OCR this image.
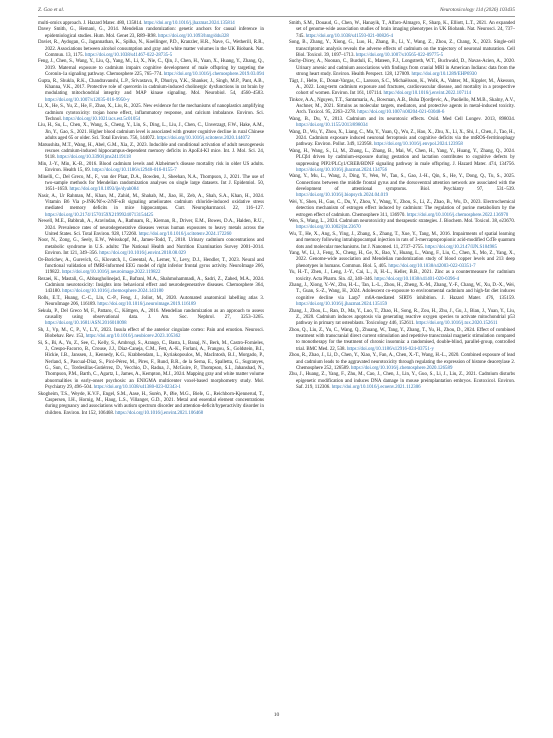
Z. Gao et al.	Neurotoxicology 114 (2026) 103435

multi-omics approach. J. Hazard Mater. 480, 135814. https://doi.org/10.1016/j.jhazmat.2024.135814

Davey Smith, G., Hemani, G., 2014. Mendelian randomization: genetic anchors for causal inference in epidemiological studies. Hum. Mol. Genet 23, R89–R98. https://doi.org/10.1093/hmg/ddu328

Daviet, R., Aydogan, G., Jagannathan, K., Spilka, N., Koellinger, P.D., Kranzler, H.R., Nave, G., Wetherill, R.R., 2022. Associations between alcohol consumption and gray and white matter volumes in the UK Biobank. Nat. Commun. 13, 1175. https://doi.org/10.1038/s41467-022-28735-5

Feng, J., Chen, S., Wang, Y., Liu, Q., Yang, M., Li, X., Nie, C., Qin, J., Chen, H., Yuan, X., Huang, Y., Zhang, Q., 2019. Maternal exposure to cadmium impairs cognitive development of male offspring by targeting the Coronin-1a signaling pathway. Chemosphere 225, 765–774. https://doi.org/10.1016/j.chemosphere.2019.03.094

Gupta, R., Shukla, R.K., Chandravanshi, L.P., Srivastava, P., Dhuriya, Y.K., Shanker, J., Singh, M.P., Pant, A.B., Khanna, V.K., 2017. Protective role of quercetin in cadmium-induced cholinergic dysfunctions in rat brain by modulating mitochondrial integrity and MAP kinase signaling. Mol. Neurobiol. 54, 4560–4583. https://doi.org/10.1007/s12035-016-9950-y

Li, X., He, S., Yu, Z., He, F., Zhao, X., Liu, R., 2025. New evidence for the mechanisms of nanoplastics amplifying cadmium cytotoxicity: trojan horse effect, inflammatory response, and calcium imbalance. Environ. Sci. Technol. https://doi.org/10.1021/acs.est.5c01054

Liu, H., Su, L., Chen, X., Wang, S., Cheng, Y., Lin, S., Ding, L., Liu, J., Chen, C., Unverzagt, F.W., Hake, A.M., Jin, Y., Gao, S., 2021. Higher blood cadmium level is associated with greater cognitive decline in rural Chinese adults aged 65 or older. Sci. Total Environ. 756, 144072. https://doi.org/10.1016/j.scitotenv.2020.144072

Matsushita, M.T., Wang, H., Abel, G.M., Xia, Z., 2023. Inducible and conditional activation of adult neurogenesis rescues cadmium-induced hippocampus-dependent memory deficits in ApoE4-KI mice. Int. J. Mol. Sci. 24, 9118. https://doi.org/10.3390/ijms24119118

Min, J.-Y., Min, K.-B., 2016. Blood cadmium levels and Alzheimer's disease mortality risk in older US adults. Environ. Health 15, 69. https://doi.org/10.1186/s12940-016-0155-7

Minelli, C., Del Greco, M., F., van der Plaat, D.A., Bowden, J., Sheehan, N.A., Thompson, J., 2021. The use of two-sample methods for Mendelian randomization analyses on single large datasets. Int J. Epidemiol. 50, 1651–1659. https://doi.org/10.1093/ije/dyab084

Nasir, A., Ur Rahman, M., Khan, M., Zahid, M., Shahab, M., Jiao, H., Zeb, A., Shah, S.A., Khan, H., 2024. Vitamin B6 Via p-JNK/Nf-κ-2/NF-κB signaling ameliorates cadmium chloride-induced oxidative stress mediated memory deficits in mice hippocampus. Curr. Neuropharmacol. 22, 116–127. https://doi.org/10.2174/1570159X21999240713154425

Newell, M.E., Babbrah, A., Aravindan, A., Rathnam, R., Kiernan, R., Driver, E.M., Bowes, D.A., Halden, R.U., 2024. Prevalence rates of neurodegenerative diseases versus human exposures to heavy metals across the United States. Sci. Total Environ. 928, 172260. https://doi.org/10.1016/j.scitotenv.2024.172260

Noor, N., Zong, G., Seely, E.W., Weisskopf, M., James-Todd, T., 2018. Urinary cadmium concentrations and metabolic syndrome in U.S. adults: The National Health and Nutrition Examination Survey 2001–2014. Environ. Int 121, 349–356. https://doi.org/10.1016/j.envint.2018.08.029

Or-Borichev, A., Gurevich, G., Klovatch, I., Greental, A., Lerner, Y., Levy, D.J., Hendler, T., 2023. Neural and functional validation of fMRI-informed EEG model of right inferior frontal gyrus activity. NeuroImage 266, 119822. https://doi.org/10.1016/j.neuroimage.2022.119822

Rezaei, K., Mastali, G., Abbasgholinejad, E., Bafrani, M.A., Shahmohammadi, A., Sadri, Z., Zahed, M.A., 2024. Cadmium neurotoxicity: Insights into behavioral effect and neurodegenerative diseases. Chemosphere 364, 143180. https://doi.org/10.1016/j.chemosphere.2024.143180

Rolls, E.T., Huang, C.-C., Lin, C.-P., Feng, J., Joliot, M., 2020. Automated anatomical labelling atlas 3. NeuroImage 206, 116189. https://doi.org/10.1016/j.neuroimage.2019.116189

Sekula, P., Del Greco M, F., Pattaro, C., Köttgen, A., 2016. Mendelian randomization as an approach to assess causality using observational data. J. Am. Soc. Nephrol. 27, 3253–3265. https://doi.org/10.1681/ASN.2016010098

Sh, J., Vp, M., C, P., V., L.Y., 2023. Insula effect of the anterior cingulate cortex: Pain and emotion. Neurosci. Biobehav. Rev. 153, https://doi.org/10.1016/j.neubiorev.2023.105362

Si, S., Bi, A., Yu, Z., See, C., Kelly, S., Ambrogi, S., Arango, C., Basta, I., Banaj, N., Berk, M., Castro-Fornieles, J., Crespo-Facorro, B., Crouse, J.J., Díaz-Caneja, C.M., Fett, A.-K., Forlani, A., Frangou, S., Goldstein, B.I., Hickie, I.B., Janssen, J., Kennedy, K.G., Krabbendam, L., Kyriakopoulos, M., MacIntosh, B.J., Morgado, P., Nerland, S., Pascual-Díaz, S., Picó-Pérez, M., Pires, F., Rund, B.R., de la Serna, E., Spalletta, G., Sugranyes, G., Sun, C., Tordesillas-Gutiérrez, D., Vecchio, D., Radua, J., McGuire, P., Thompson, S.I., Jahanshad, N., Thompson, P.M., Barth, C., Agartz, I., James, A., Kempton, M.J., 2024. Mapping gray and white matter volume abnormalities in early-onset psychosis: an ENIGMA multicenter voxel-based morphometry study. Mol. Psychiatry 29, 496–504. https://doi.org/10.1038/s41380-023-02343-1

Skogheim, T.S., Weyde, K.V.F., Engel, S.M., Aase, H., Surén, P., Øie, M.G., Biele, G., Reichborn-Kjennerud, T., Caspersen, I.H., Hornig, M., Haug, L.S., Villanger, G.D., 2021. Metal and essential element concentrations during pregnancy and associations with autism spectrum disorder and attention-deficit/hyperactivity disorder in children. Environ. Int 152, 106468. https://doi.org/10.1016/j.envint.2021.106468

Smith, S.M., Douaud, G., Chen, W., Hanayik, T., Alfaro-Almagro, F., Sharp, K., Elliott, L.T., 2021. An expanded set of genome-wide association studies of brain imaging phenotypes in UK Biobank. Nat. Neurosci. 24, 737–745. https://doi.org/10.1038/s41593-021-00826-4

Song, B., Zhang, Y., Xiong, G., Luo, H., Zhang, B., Li, Y., Wang, Z., Zhou, Z., Chang, X., 2023. Single-cell transcriptomic analysis reveals the adverse effects of cadmium on the trajectory of neuronal maturation. Cell Biol. Toxicol. 39, 1697–1713. https://doi.org/10.1007/s10565-022-09775-5

Suchy-Dicey, A., Noonan, C., Burduli, E., Mateen, F.J., Longstreth, W.T., Buchwald, D., Navas-Acien, A., 2020. Urinary arsenic and cadmium associations with findings from cranial MRI in American Indians: data from the strong heart study. Environ. Health Perspect. 128, 127009. https://doi.org/10.1289/EHP6930

Tägt, J., Helte, E., Donat-Vargas, C., Larsson, S.C., Michaëlsson, K., Wolk, A., Vahter, M., Kippler, M., Åkesson, A., 2022. Long-term cadmium exposure and fractures, cardiovascular disease, and mortality in a prospective cohort of women. Environ. Int 161, 107114. https://doi.org/10.1016/j.envint.2022.107114

Tinkov, A.A., Nguyen, T.T., Santamaria, A., Bowman, A.B., Buha Djordjevic, A., Paoliello, M.M.B., Skalny, A.V., Aschner, M., 2021. Sirtuins as molecular targets, mediators, and protective agents in metal-induced toxicity. Arch. Toxicol. 95, 2263–2278. https://doi.org/10.1007/s00204-021-03048-6

Wang, B., Du, Y., 2013. Cadmium and its neurotoxic effects. Oxid. Med Cell Longev. 2013, 898034. https://doi.org/10.1155/2013/898034

Wang, D., Wu, Y., Zhou, X., Liang, C., Ma, Y., Yuan, Q., Wu, Z., Hao, X., Zhu, X., Li, X., Shi, J., Chen, J., Tao, H., 2024. Cadmium exposure induced neuronal ferroptosis and cognitive deficits via the mtROS-ferritinophagy pathway. Environ. Pollut. 349, 123958. https://doi.org/10.1016/j.envpol.2024.123958

Wang, H., Wang, S., Li, M., Zhang, L., Zhang, B., Mai, W., Chen, H., Yang, Y., Huang, Y., Zhang, Q., 2024. PLCβ4 driven by cadmium-exposure during gestation and lactation contributes to cognitive defects by suppressing PIP2/PLCγ1/CREB/BDNF signaling pathway in male offspring. J. Hazard Mater. 474, 134756. https://doi.org/10.1016/j.jhazmat.2024.134756

Wang, Y., Mu, L., Wang, J., Ding, Y., Wen, W., Tan, S., Gao, J.-H., Qin, S., He, Y., Dong, Q., Tu, S., 2025. Connections between the middle frontal gyrus and the dorsoventral attention network are associated with the development of attentional symptoms. Biol. Psychiatry 97, 531–539. https://doi.org/10.1016/j.biopsych.2024.04.019

Wei, Y., Shen, H., Gao, C., Du, Y., Zhou, Y., Wang, Y., Zhou, S., Li, Z., Zhao, B., Wu, D., 2023. Electrochemical detection mechanism of estrogen effect induced by cadmium: The regulation of purine metabolism by the estrogen effect of cadmium. Chemosphere 311, 136970. https://doi.org/10.1016/j.chemosphere.2022.136970

Wen, S., Wang, L., 2024. Cadmium neurotoxicity and therapeutic strategies. J. Biochem. Mol. Toxicol. 38, e23670. https://doi.org/10.1002/jbt.23670

Wu, T., He, X., Ang, S., Ying, J., Zhang, S., Zhang, T., Xue, Y., Tang, M., 2016. Impairments of spatial learning and memory following intrahippocampal injection in rats of 3-mercaptopropionic acid-modified CdTe quantum dots and molecular mechanisms. Int J. Nanomed. 11, 2737–2755. https://doi.org/10.2147/IJN.S104985

Yang, W., Li, J., Feng, X., Cheng, H., Ge, X., Bao, Y., Huang, L., Wang, F., Liu, C., Chen, X., Mo, Z., Yang, X., 2022. Genome-wide association and Mendelian randomization study of blood copper levels and 213 deep phenotypes in humans. Commun. Biol. 5, 405. https://doi.org/10.1038/s42003-022-03351-7

Yu, H.-T., Zhen, J., Leng, J.-Y., Cai, L., Ji, H.-L., Keller, B.B., 2021. Zinc as a countermeasure for cadmium toxicity. Acta Pharm. Sin. 42, 340–346. https://doi.org/10.1038/s41401-020-0396-4

Zhang, J., Xiong, Y.-W., Zhu, H.-L., Tan, L.-L., Zhou, H., Zheng, X.-M., Zhang, Y.-F., Chang, W., Xu, D.-X., Wei, T., Guan, S.-Z., Wang, H., 2024. Adolescent co-exposure to environmental cadmium and high-fat diet induces cognitive decline via Larp7 m6A-mediated SIRT6 inhibition. J. Hazard Mater. 476, 135159. https://doi.org/10.1016/j.jhazmat.2024.135159

Zhang, J., Zhou, L., Ran, D., Ma, Y., Luo, T., Zhao, H., Song, R., Zou, H., Zhu, J., Gu, J., Bian, J., Yuan, Y., Liu, Z., 2020. Cadmium induces apoptosis via generating reactive oxygen species to activate mitochondrial p53 pathway in primary rat osteoblasts. Toxicology 446, 152611. https://doi.org/10.1016/j.tox.2020.152611

Zhou, Q., Liu, Z., Yu, C., Wang, Q., Zhuang, W., Tang, Y., Zhang, T., Yu, H., Zhou, D., 2024. Effect of combined treatment with transcranial direct current stimulation and repetitive transcranial magnetic stimulation compared to monotherapy for the treatment of chronic insomnia: a randomised, double-blind, parallel-group, controlled trial. BMC Med. 22, 538. https://doi.org/10.1186/s12916-024-03751-y

Zhou, R., Zhao, J., Li, D., Chen, Y., Xiao, Y., Fan, A., Chen, X.-T., Wang, H.-L., 2020. Combined exposure of lead and cadmium leads to the aggravated neurotoxicity through regulating the expression of histone deacetylase 2. Chemosphere 252, 126589. https://doi.org/10.1016/j.chemosphere.2020.126589

Zhu, J., Huang, Z., Yang, F., Zhu, M., Cao, J., Chen, J., Lin, Y., Guo, S., Li, J., Liu, Z., 2021. Cadmium disturbs epigenetic modification and induces DNA damage in mouse preimplantation embryos. Ecotoxicol. Environ. Saf. 219, 112306. https://doi.org/10.1016/j.ecoenv.2021.112306

10
